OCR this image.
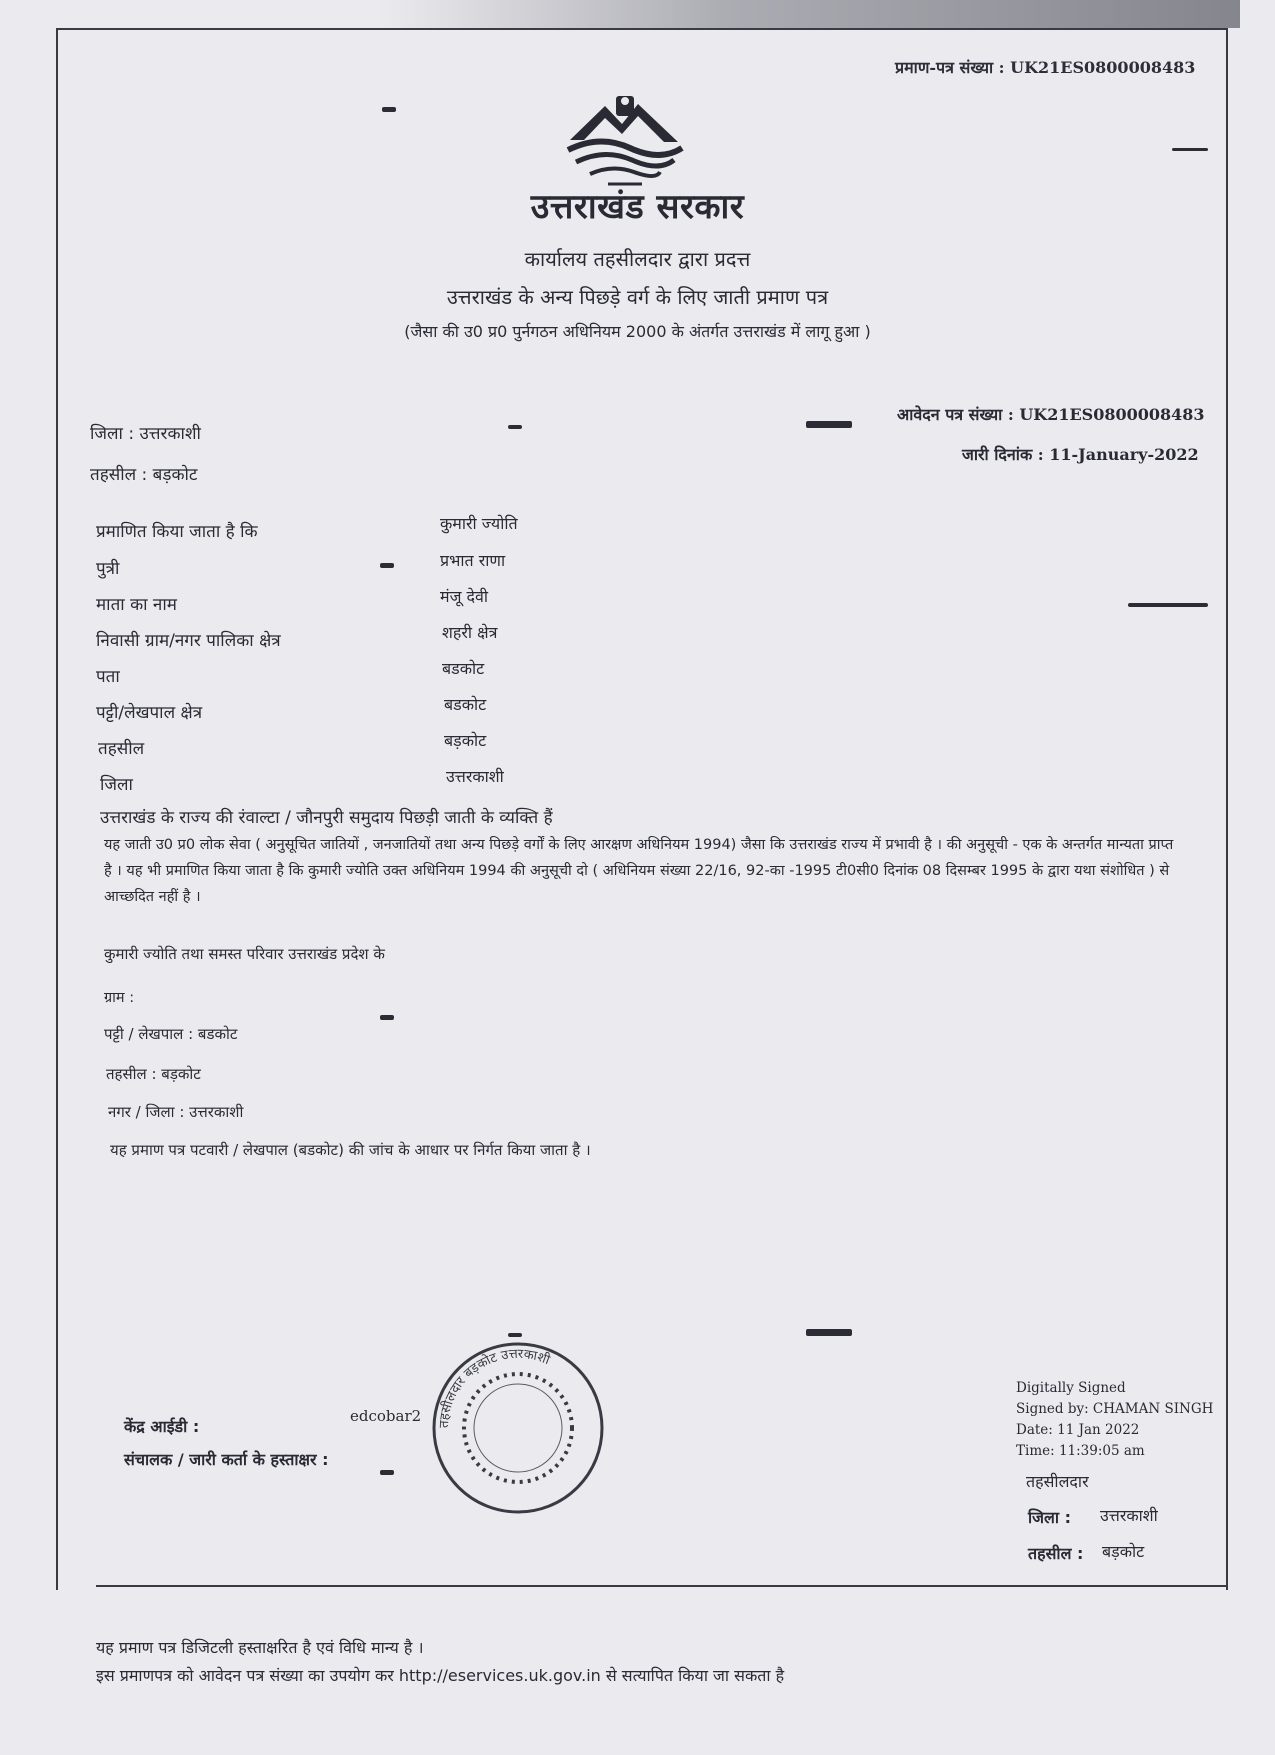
प्रमाण-पत्र संख्या : UK21ES0800008483
उत्तराखंड सरकार
कार्यालय तहसीलदार द्वारा प्रदत्त
उत्तराखंड के अन्य पिछड़े वर्ग के लिए जाती प्रमाण पत्र
(जैसा की उ0 प्र0 पुर्नगठन अधिनियम 2000 के अंतर्गत उत्तराखंड में लागू हुआ )
जिला : उत्तरकाशी
तहसील : बड़कोट
आवेदन पत्र संख्या : UK21ES0800008483
जारी दिनांक : 11-January-2022
प्रमाणित किया जाता है कि	कुमारी ज्योति
पुत्री	प्रभात राणा
माता का नाम	मंजू देवी
निवासी ग्राम/नगर पालिका क्षेत्र	शहरी क्षेत्र
पता	बडकोट
पट्टी/लेखपाल क्षेत्र	बडकोट
तहसील	बड़कोट
जिला	उत्तरकाशी
उत्तराखंड के राज्य की रंवाल्टा / जौनपुरी समुदाय पिछड़ी जाती के व्यक्ति हैं
यह जाती उ0 प्र0 लोक सेवा ( अनुसूचित जातियों , जनजातियों तथा अन्य पिछड़े वर्गों के लिए आरक्षण अधिनियम 1994) जैसा कि उत्तराखंड राज्य में प्रभावी है । की अनुसूची - एक के अन्तर्गत मान्यता प्राप्त है । यह भी प्रमाणित किया जाता है कि कुमारी ज्योति उक्त अधिनियम 1994 की अनुसूची दो ( अधिनियम संख्या 22/16, 92-का -1995 टी0सी0 दिनांक 08 दिसम्बर 1995 के द्वारा यथा संशोधित ) से आच्छदित नहीं है ।
कुमारी ज्योति तथा समस्त परिवार उत्तराखंड प्रदेश के
ग्राम :
पट्टी / लेखपाल : बडकोट
तहसील : बड़कोट
नगर / जिला : उत्तरकाशी
यह प्रमाण पत्र पटवारी / लेखपाल (बडकोट) की जांच के आधार पर निर्गत किया जाता है ।
केंद्र आईडी :
edcobar2
संचालक / जारी कर्ता के हस्ताक्षर :
तहसीलदार बड़कोट उत्तरकाशी
Digitally Signed
Signed by: CHAMAN SINGH
Date: 11 Jan 2022
Time: 11:39:05 am
तहसीलदार
जिला : उत्तरकाशी
तहसील : बड़कोट
यह प्रमाण पत्र डिजिटली हस्ताक्षरित है एवं विधि मान्य है ।
इस प्रमाणपत्र को आवेदन पत्र संख्या का उपयोग कर http://eservices.uk.gov.in से सत्यापित किया जा सकता है
